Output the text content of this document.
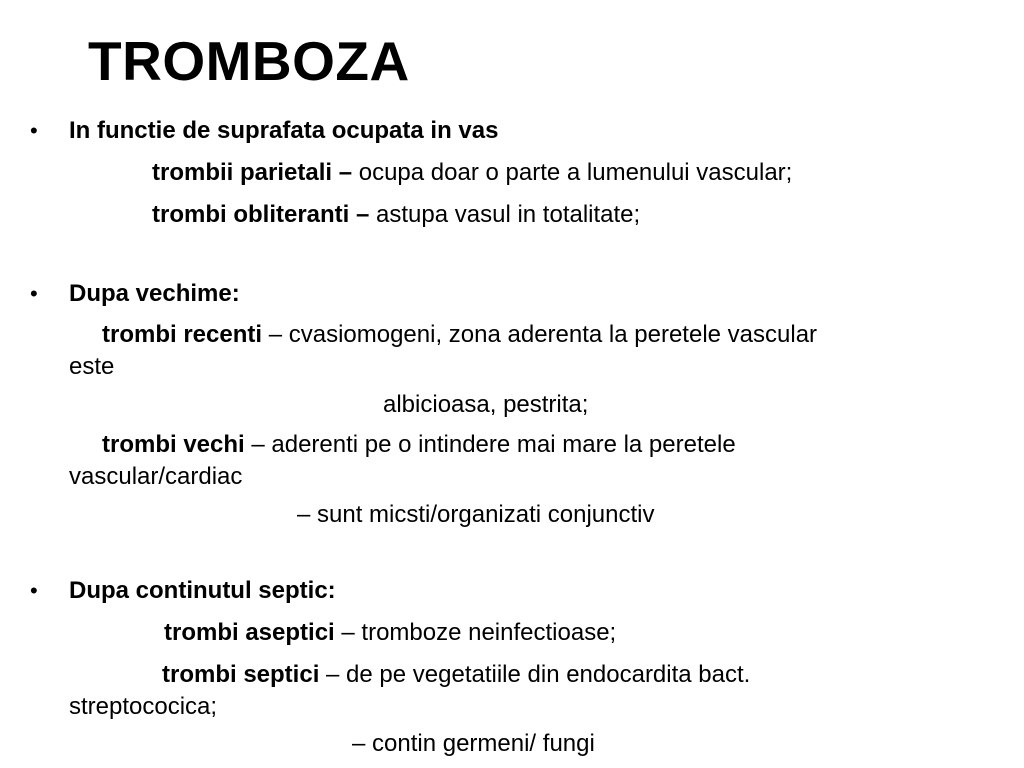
TROMBOZA
• In functie de suprafata ocupata in vas
trombii parietali – ocupa doar o parte a lumenului vascular;
trombi obliteranti – astupa vasul in totalitate;
• Dupa vechime:
trombi recenti – cvasiomogeni, zona aderenta la peretele vascular
este
albicioasa, pestrita;
trombi vechi – aderenti pe o intindere mai mare la peretele
vascular/cardiac
– sunt micsti/organizati conjunctiv
• Dupa continutul septic:
trombi aseptici – tromboze neinfectioase;
trombi septici – de pe vegetatiile din endocardita bact.
streptococica;
– contin germeni/ fungi
